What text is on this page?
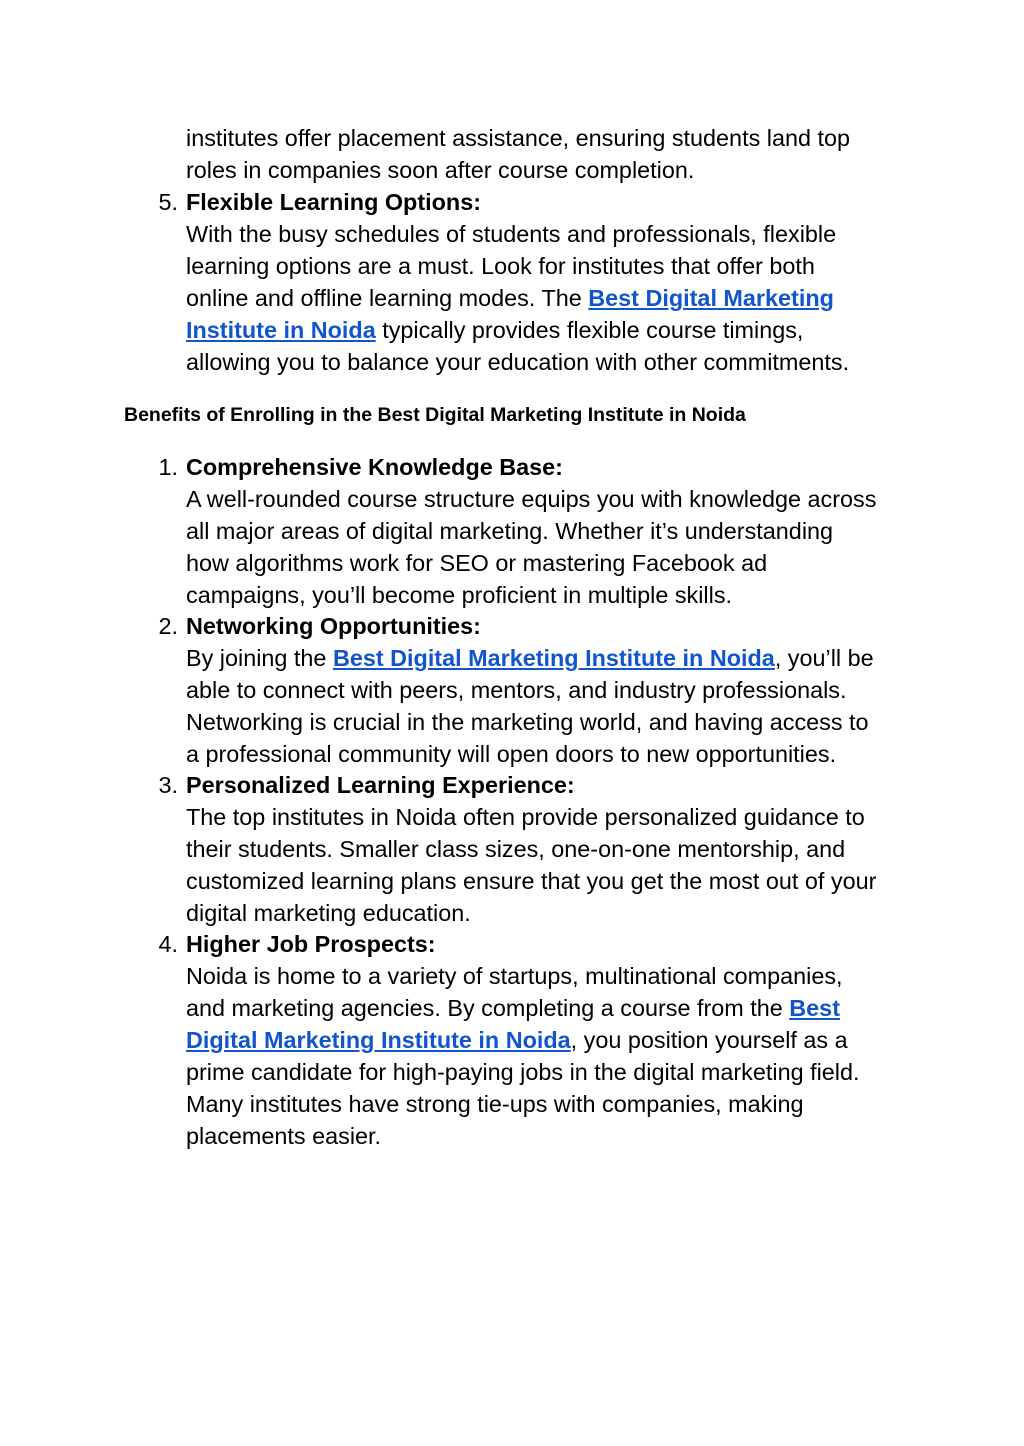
institutes offer placement assistance, ensuring students land top
roles in companies soon after course completion.
5. Flexible Learning Options:
With the busy schedules of students and professionals, flexible
learning options are a must. Look for institutes that offer both
online and offline learning modes. The Best Digital Marketing
Institute in Noida typically provides flexible course timings,
allowing you to balance your education with other commitments.
Benefits of Enrolling in the Best Digital Marketing Institute in Noida
1. Comprehensive Knowledge Base:
A well-rounded course structure equips you with knowledge across
all major areas of digital marketing. Whether it’s understanding
how algorithms work for SEO or mastering Facebook ad
campaigns, you’ll become proficient in multiple skills.
2. Networking Opportunities:
By joining the Best Digital Marketing Institute in Noida, you’ll be
able to connect with peers, mentors, and industry professionals.
Networking is crucial in the marketing world, and having access to
a professional community will open doors to new opportunities.
3. Personalized Learning Experience:
The top institutes in Noida often provide personalized guidance to
their students. Smaller class sizes, one-on-one mentorship, and
customized learning plans ensure that you get the most out of your
digital marketing education.
4. Higher Job Prospects:
Noida is home to a variety of startups, multinational companies,
and marketing agencies. By completing a course from the Best
Digital Marketing Institute in Noida, you position yourself as a
prime candidate for high-paying jobs in the digital marketing field.
Many institutes have strong tie-ups with companies, making
placements easier.
